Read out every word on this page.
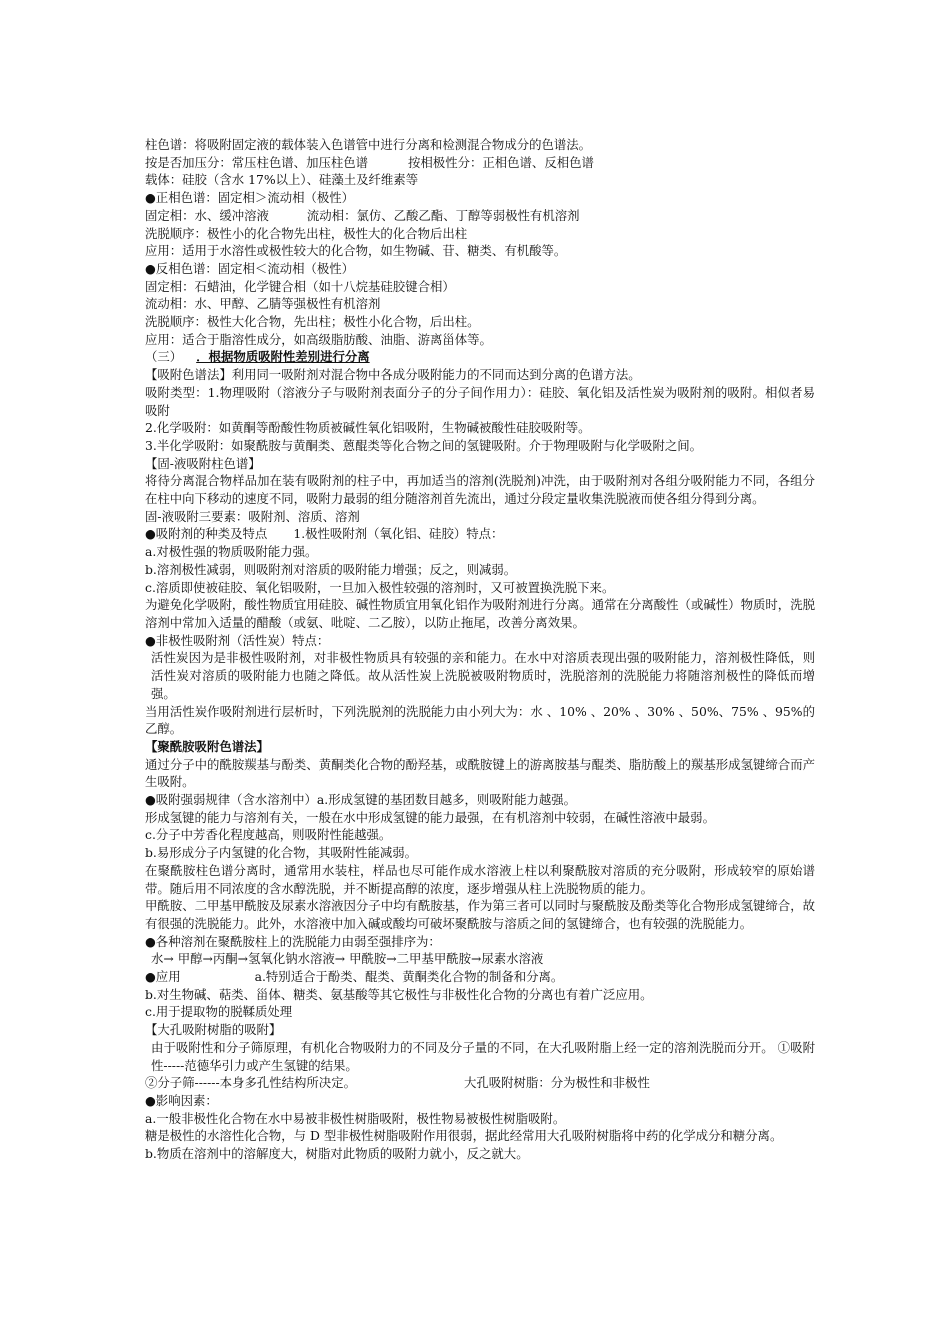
柱色谱：将吸附固定液的载体装入色谱管中进行分离和检测混合物成分的色谱法。
按是否加压分：常压柱色谱、加压柱色谱	按相极性分：正相色谱、反相色谱
载体：硅胶（含水 17%以上）、硅藻土及纤维素等
●正相色谱：固定相＞流动相（极性）
固定相：水、缓冲溶液	流动相：氯仿、乙酸乙酯、丁醇等弱极性有机溶剂
洗脱顺序：极性小的化合物先出柱，极性大的化合物后出柱
应用：适用于水溶性或极性较大的化合物，如生物碱、苷、糖类、有机酸等。
●反相色谱：固定相＜流动相（极性）
固定相：石蜡油，化学键合相（如十八烷基硅胶键合相）
流动相：水、甲醇、乙腈等强极性有机溶剂
洗脱顺序：极性大化合物，先出柱；极性小化合物，后出柱。
应用：适合于脂溶性成分，如高级脂肪酸、油脂、游离甾体等。
（三） ．根据物质吸附性差别进行分离
【吸附色谱法】利用同一吸附剂对混合物中各成分吸附能力的不同而达到分离的色谱方法。
吸附类型：1.物理吸附（溶液分子与吸附剂表面分子的分子间作用力）：硅胶、氧化铝及活性炭为吸附剂的吸附。相似者易吸附
2.化学吸附：如黄酮等酚酸性物质被碱性氧化铝吸附，生物碱被酸性硅胶吸附等。
3.半化学吸附：如聚酰胺与黄酮类、蒽醌类等化合物之间的氢键吸附。介于物理吸附与化学吸附之间。
【固-液吸附柱色谱】
将待分离混合物样品加在装有吸附剂的柱子中，再加适当的溶剂(洗脱剂)冲洗，由于吸附剂对各组分吸附能力不同，各组分在柱中向下移动的速度不同，吸附力最弱的组分随溶剂首先流出，通过分段定量收集洗脱液而使各组分得到分离。
固-液吸附三要素：吸附剂、溶质、溶剂
●吸附剂的种类及特点 1.极性吸附剂（氧化铝、硅胶）特点：
a.对极性强的物质吸附能力强。
b.溶剂极性减弱，则吸附剂对溶质的吸附能力增强；反之，则减弱。
c.溶质即使被硅胶、氧化铝吸附，一旦加入极性较强的溶剂时，又可被置换洗脱下来。
为避免化学吸附，酸性物质宜用硅胶、碱性物质宜用氧化铝作为吸附剂进行分离。通常在分离酸性（或碱性）物质时，洗脱溶剂中常加入适量的醋酸（或氨、吡啶、二乙胺），以防止拖尾，改善分离效果。
●非极性吸附剂（活性炭）特点：
活性炭因为是非极性吸附剂，对非极性物质具有较强的亲和能力。在水中对溶质表现出强的吸附能力，溶剂极性降低，则活性炭对溶质的吸附能力也随之降低。故从活性炭上洗脱被吸附物质时，洗脱溶剂的洗脱能力将随溶剂极性的降低而增强。
当用活性炭作吸附剂进行层析时，下列洗脱剂的洗脱能力由小列大为：水 、10% 、20% 、30% 、50%、75% 、95%的乙醇。
【聚酰胺吸附色谱法】
通过分子中的酰胺羰基与酚类、黄酮类化合物的酚羟基，或酰胺键上的游离胺基与醌类、脂肪酸上的羰基形成氢键缔合而产生吸附。
●吸附强弱规律（含水溶剂中）a.形成氢键的基团数目越多，则吸附能力越强。
形成氢键的能力与溶剂有关，一般在水中形成氢键的能力最强，在有机溶剂中较弱，在碱性溶液中最弱。
c.分子中芳香化程度越高，则吸附性能越强。
b.易形成分子内氢键的化合物，其吸附性能减弱。
在聚酰胺柱色谱分离时，通常用水装柱，样品也尽可能作成水溶液上柱以利聚酰胺对溶质的充分吸附，形成较窄的原始谱带。随后用不同浓度的含水醇洗脱，并不断提高醇的浓度，逐步增强从柱上洗脱物质的能力。
甲酰胺、二甲基甲酰胺及尿素水溶液因分子中均有酰胺基，作为第三者可以同时与聚酰胺及酚类等化合物形成氢键缔合，故有很强的洗脱能力。此外，水溶液中加入碱或酸均可破坏聚酰胺与溶质之间的氢键缔合，也有较强的洗脱能力。
●各种溶剂在聚酰胺柱上的洗脱能力由弱至强排序为：
水→ 甲醇→丙酮→氢氧化钠水溶液→ 甲酰胺→二甲基甲酰胺→尿素水溶液
●应用	a.特别适合于酚类、醌类、黄酮类化合物的制备和分离。
b.对生物碱、萜类、甾体、糖类、氨基酸等其它极性与非极性化合物的分离也有着广泛应用。
c.用于提取物的脱鞣质处理
【大孔吸附树脂的吸附】
由于吸附性和分子筛原理，有机化合物吸附力的不同及分子量的不同，在大孔吸附脂上经一定的溶剂洗脱而分开。 ①吸附性-----范德华引力或产生氢键的结果。
②分子筛------本身多孔性结构所决定。	大孔吸附树脂：分为极性和非极性
●影响因素：
a.一般非极性化合物在水中易被非极性树脂吸附，极性物易被极性树脂吸附。
糖是极性的水溶性化合物，与 D 型非极性树脂吸附作用很弱，据此经常用大孔吸附树脂将中药的化学成分和糖分离。
b.物质在溶剂中的溶解度大，树脂对此物质的吸附力就小，反之就大。
